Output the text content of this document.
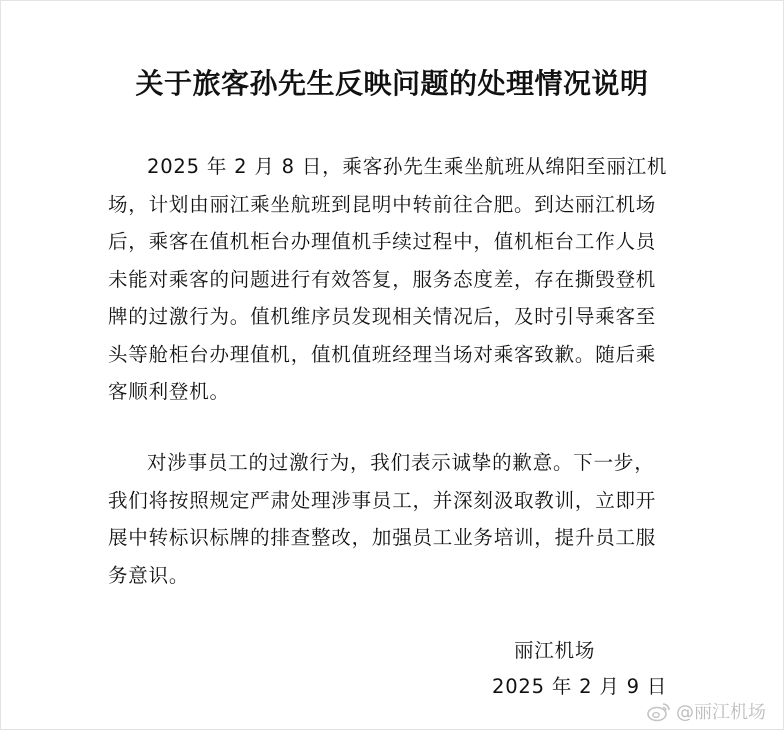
关于旅客孙先生反映问题的处理情况说明

2025 年 2 月 8 日，乘客孙先生乘坐航班从绵阳至丽江机场，计划由丽江乘坐航班到昆明中转前往合肥。到达丽江机场后，乘客在值机柜台办理值机手续过程中，值机柜台工作人员未能对乘客的问题进行有效答复，服务态度差，存在撕毁登机牌的过激行为。值机维序员发现相关情况后，及时引导乘客至头等舱柜台办理值机，值机值班经理当场对乘客致歉。随后乘客顺利登机。

对涉事员工的过激行为，我们表示诚挚的歉意。下一步，我们将按照规定严肃处理涉事员工，并深刻汲取教训，立即开展中转标识标牌的排查整改，加强员工业务培训，提升员工服务意识。

丽江机场
2025 年 2 月 9 日
@丽江机场
